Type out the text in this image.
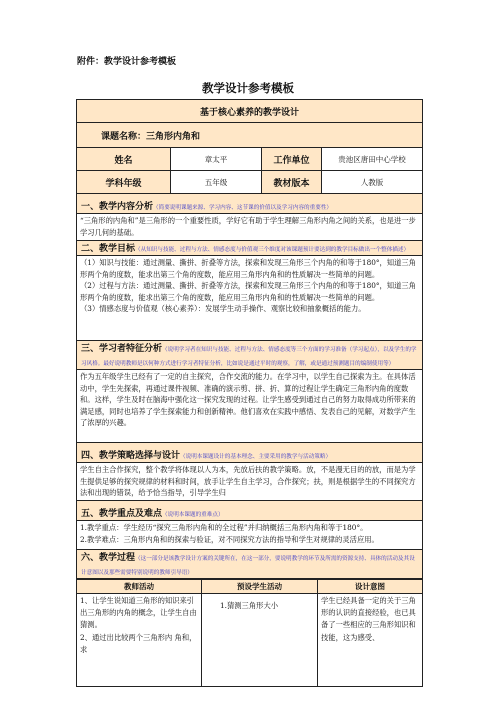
附件：教学设计参考模板
教学设计参考模板
基于核心素养的教学设计			
课题名称：三角形内角和			
姓名	章太平	工作单位	贵池区唐田中心学校
学科年级	五年级	教材版本	人教版
一、教学内容分析（简要说明课题来源、学习内容、这节课的价值以及学习内容的重要性）			
“三角形的内角和”是三角形的一个重要性质，学好它有助于学生理解三角形内角之间的关系，也是进一步学习几何的基础。			
二、教学目标（从知识与技能、过程与方法、情感态度与价值观三个维度对该课题预计要达到的教学目标做出一个整体描述）			
（1）知识与技能：通过测量、撕拼、折叠等方法，探索和发现三角形三个内角的和等于180°，知道三角形两个角的度数，能求出第三个角的度数，能应用三角形内角和的性质解决一些简单的问题。
（2）过程与方法：通过测量、撕拼、折叠等方法，探索和发现三角形三个内角的和等于180°，知道三角形两个角的度数，能求出第三个角的度数，能应用三角形内角和的性质解决一些简单的问题。
（3）情感态度与价值观（核心素养）：发展学生动手操作、观察比较和抽象概括的能力。			
三、学习者特征分析（说明学习者在知识与技能、过程与方法、情感态度等三个方面的学习准备（学习起点），以及学生的学习风格。最好说明教师是以何种方式进行学习者特征分析，比如说是通过平时的观察，了解，或是通过预测题目的编制使用等）			
作为五年级学生已经有了一定的自主探究，合作交流的能力。在学习中，以学生自己探索为主。在具体活动中，学生先探索，再通过课件视频、准确的演示剪、拼、折、算的过程让学生确定三角形内角的度数和。这样，学生及时在脑海中强化这一探究发现的过程。让学生感受到通过自己的努力取得成功所带来的满足感，同时也培养了学生探索能力和创新精神。他们喜欢在实践中感悟、发表自己的见解，对数学产生了浓厚的兴趣。			
四、教学策略选择与设计（说明本课题设计的基本理念、主要采用的教学与活动策略）			
学生自主合作探究，整个教学将体现以人为本，先放后扶的教学策略。放，不是漫无目的的放，而是为学生提供足够的探究规律的材料和时间，放手让学生自主学习，合作探究；扶，则是根据学生的不同探究方法和出现的错误，给予恰当指导，引导学生归			
五、教学重点及难点（说明本课题的重难点）			
1.教学重点：学生经历“探究三角形内角和的全过程”并归纳概括三角形内角和等于180°。
2.教学难点：三角形内角和的探索与验证，对不同探究方法的指导和学生对规律的灵活应用。			
六、教学过程（这一部分是该教学设计方案的关键所在，在这一部分，要说明教学的环节及所需的资源支持、具体的活动及其设计意图以及那些需要特别说明的教师引导语）			
教师活动	预设学生活动	设计意图
1、让学生说知道三角形的知识来引出三角形的内角的概念，让学生自由猜测。
2、通过出比较两个三角形内 角和，求	1.猜测三角形大小	学生已经具备一定的关于三角形的认识的直接经验，也已具备了一些相应的三角形知识和技能，这为感受、
